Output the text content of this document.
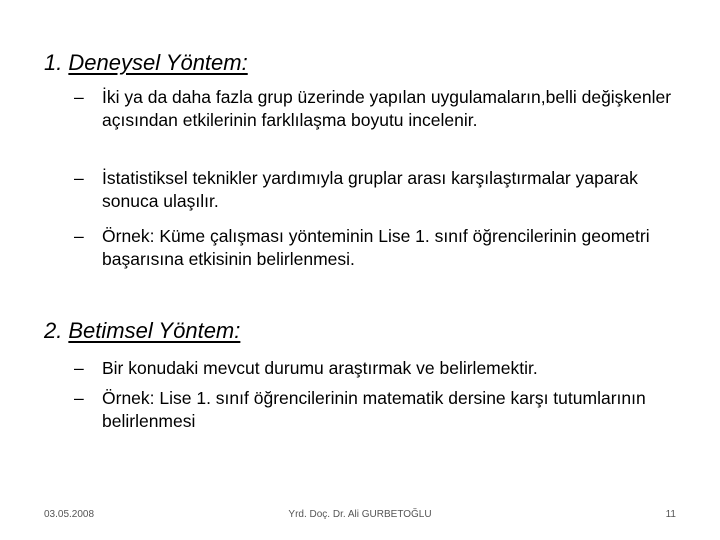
1. Deneysel Yöntem:
– İki ya da daha fazla grup üzerinde yapılan uygulamaların,belli değişkenler açısından etkilerinin farklılaşma boyutu incelenir.
– İstatistiksel teknikler yardımıyla gruplar arası karşılaştırmalar yaparak sonuca ulaşılır.
– Örnek: Küme çalışması yönteminin Lise 1. sınıf öğrencilerinin geometri başarısına etkisinin belirlenmesi.
2. Betimsel Yöntem:
– Bir konudaki mevcut durumu araştırmak ve belirlemektir.
– Örnek: Lise 1. sınıf öğrencilerinin matematik dersine karşı tutumlarının belirlenmesi
03.05.2008	Yrd. Doç. Dr. Ali GURBETOĞLU	11
